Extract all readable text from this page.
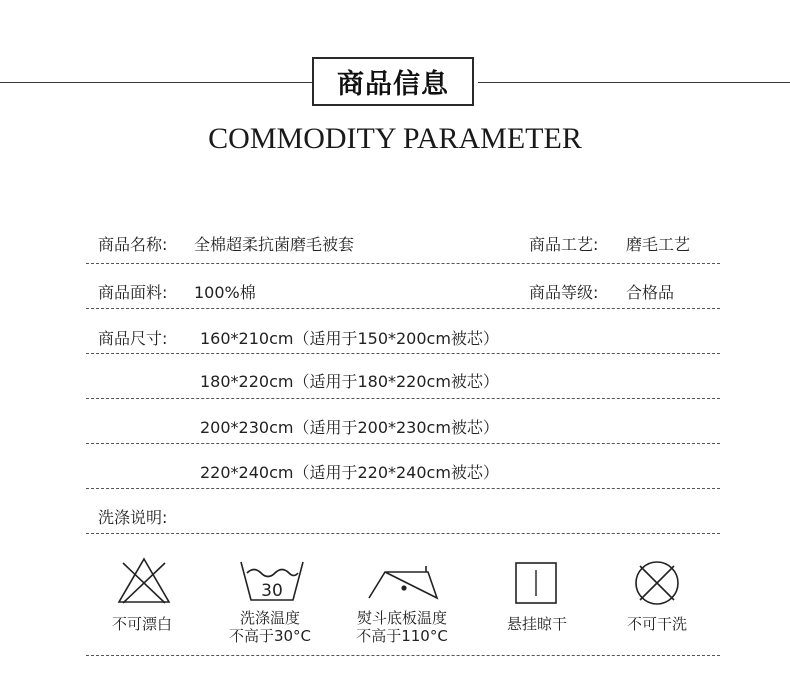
商品信息
COMMODITY PARAMETER
商品名称: 全棉超柔抗菌磨毛被套	商品工艺: 磨毛工艺
商品面料: 100%棉	商品等级: 合格品
商品尺寸: 160*210cm（适用于150*200cm被芯）
180*220cm（适用于180*220cm被芯）
200*230cm（适用于200*230cm被芯）
220*240cm（适用于220*240cm被芯）
洗涤说明:
不可漂白
30
洗涤温度
不高于30°C
熨斗底板温度
不高于110°C
悬挂晾干	不可干洗
